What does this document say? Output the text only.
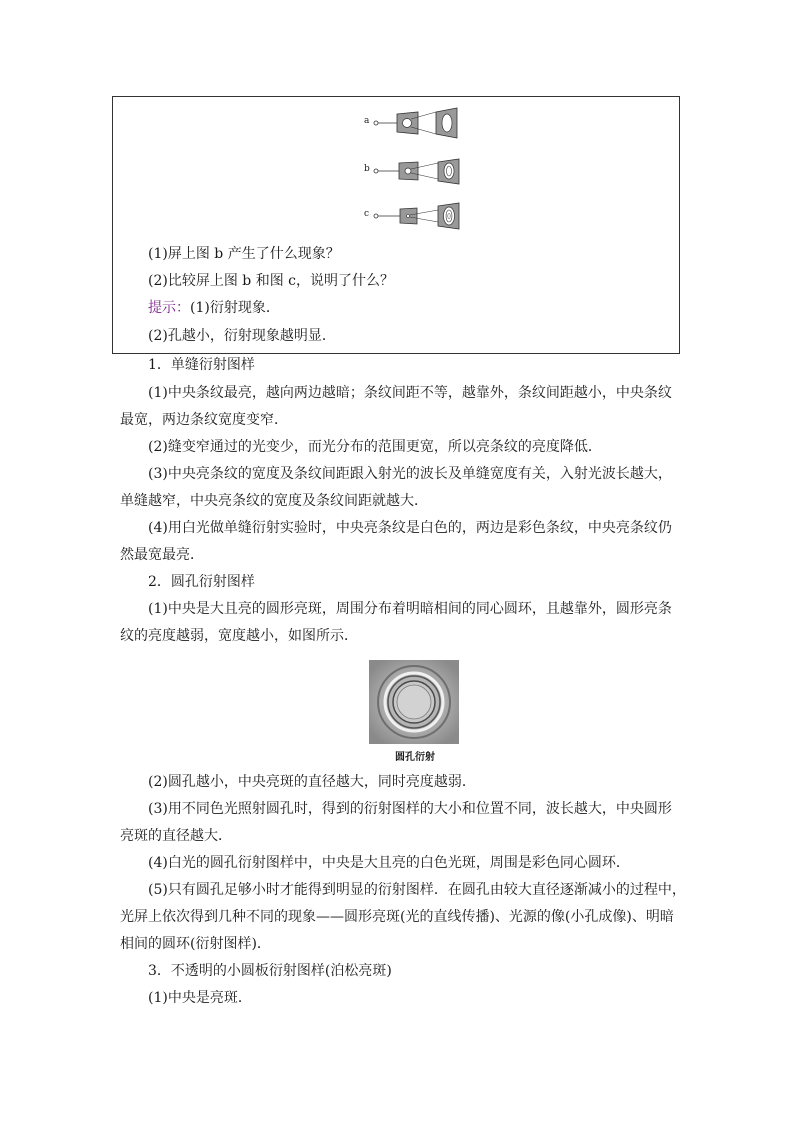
a
b
c
(1)屏上图 b 产生了什么现象？
(2)比较屏上图 b 和图 c，说明了什么？
提示：(1)衍射现象．
(2)孔越小，衍射现象越明显．
1．单缝衍射图样
(1)中央条纹最亮，越向两边越暗；条纹间距不等，越靠外，条纹间距越小，中央条纹
最宽，两边条纹宽度变窄．
(2)缝变窄通过的光变少，而光分布的范围更宽，所以亮条纹的亮度降低．
(3)中央亮条纹的宽度及条纹间距跟入射光的波长及单缝宽度有关，入射光波长越大，
单缝越窄，中央亮条纹的宽度及条纹间距就越大．
(4)用白光做单缝衍射实验时，中央亮条纹是白色的，两边是彩色条纹，中央亮条纹仍
然最宽最亮．
2．圆孔衍射图样
(1)中央是大且亮的圆形亮斑，周围分布着明暗相间的同心圆环，且越靠外，圆形亮条
纹的亮度越弱，宽度越小，如图所示．
圆孔衍射
(2)圆孔越小，中央亮斑的直径越大，同时亮度越弱．
(3)用不同色光照射圆孔时，得到的衍射图样的大小和位置不同，波长越大，中央圆形
亮斑的直径越大．
(4)白光的圆孔衍射图样中，中央是大且亮的白色光斑，周围是彩色同心圆环．
(5)只有圆孔足够小时才能得到明显的衍射图样．在圆孔由较大直径逐渐减小的过程中，
光屏上依次得到几种不同的现象——圆形亮斑(光的直线传播)、光源的像(小孔成像)、明暗
相间的圆环(衍射图样)．
3．不透明的小圆板衍射图样(泊松亮斑)
(1)中央是亮斑．
